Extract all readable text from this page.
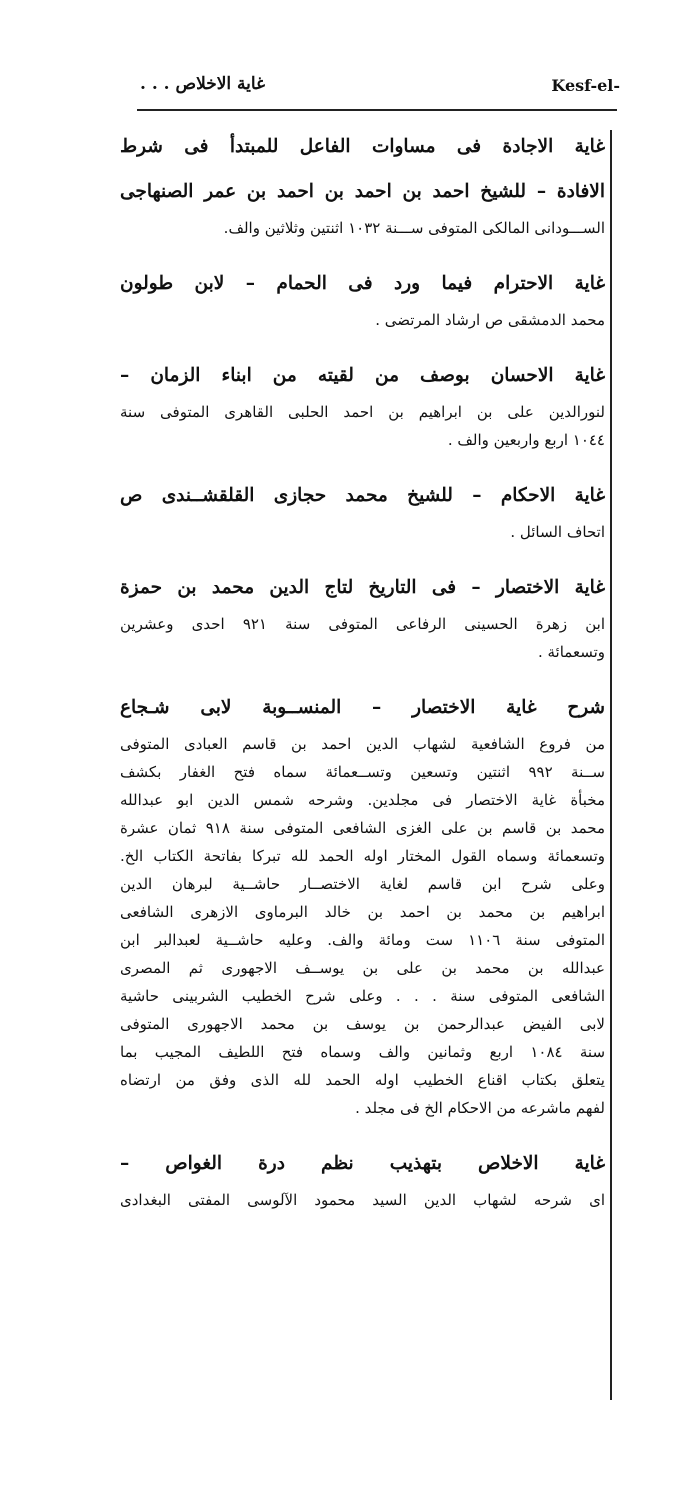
غاية الاخلاص . . .	Kesf-el-
غاية الاجادة فى مساوات الفاعل للمبتدأ فى شرط
الافادة – للشيخ احمد بن احمد بن احمد بن عمر الصنهاجى
الســـودانى المالكى المتوفى ســـنة ١٠٣٢ اثنتين وثلاثين والف.
غاية الاحترام فيما ورد فى الحمام – لابن طولون
محمد الدمشقى ص ارشاد المرتضى .
غاية الاحسان بوصف من لقيته من ابناء الزمان –
لنورالدين على بن ابراهيم بن احمد الحلبى القاهرى المتوفى سنة
١٠٤٤ اربع واربعين والف .
غاية الاحكام – للشيخ محمد حجازى القلقشــندى ص
اتحاف السائل .
غاية الاختصار – فى التاريخ لتاج الدين محمد بن حمزة
ابن زهرة الحسينى الرفاعى المتوفى سنة ٩٢١ احدى وعشرين
وتسعمائة .
شرح غاية الاختصار – المنســوبة لابى شـجاع
من فروع الشافعية لشهاب الدين احمد بن قاسم العبادى المتوفى
ســنة ٩٩٢ اثنتين وتسعين وتســعمائة سماه فتح الغفار بكشف
مخبأة غاية الاختصار فى مجلدين. وشرحه شمس الدين ابو عبدالله
محمد بن قاسم بن على الغزى الشافعى المتوفى سنة ٩١٨ ثمان عشرة
وتسعمائة وسماه القول المختار اوله الحمد لله تبركا بفاتحة الكتاب الخ.
وعلى شرح ابن قاسم لغاية الاختصــار حاشــية لبرهان الدين
ابراهيم بن محمد بن احمد بن خالد البرماوى الازهرى الشافعى
المتوفى سنة ١١٠٦ ست ومائة والف. وعليه حاشــية لعبدالبر ابن
عبدالله بن محمد بن على بن يوســف الاجهورى ثم المصرى
الشافعى المتوفى سنة . . . وعلى شرح الخطيب الشربينى حاشية
لابى الفيض عبدالرحمن بن يوسف بن محمد الاجهورى المتوفى
سنة ١٠٨٤ اربع وثمانين والف وسماه فتح اللطيف المجيب بما
يتعلق بكتاب اقناع الخطيب اوله الحمد لله الذى وفق من ارتضاه
لفهم ماشرعه من الاحكام الخ فى مجلد .
غاية الاخلاص بتهذيب نظم درة الغواص –
اى شرحه لشهاب الدين السيد محمود الآلوسى المفتى البغدادى
